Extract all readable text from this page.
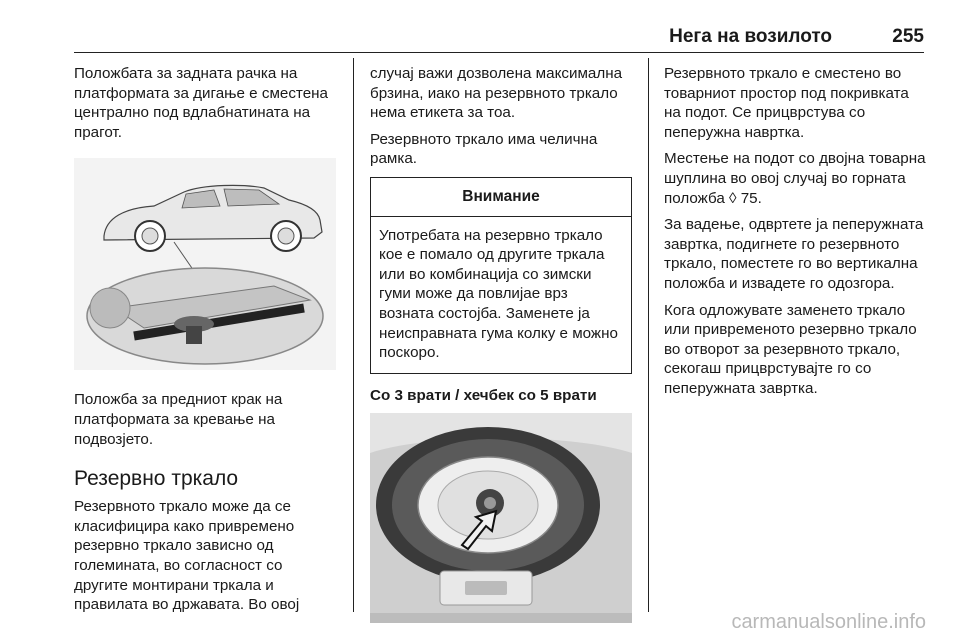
Нега на возилото	255

Положбата за задната рачка на платформата за дигање е сместена централно под вдлабнатината на прагот.

Положба за предниот крак на платформата за кревање на подвозјето.

Резервно тркало

Резервното тркало може да се класифицира како привремено резервно тркало зависно од големината, во согласност со другите монтирани тркала и правилата во државата. Во овој

случај важи дозволена максимална брзина, иако на резервното тркало нема етикета за тоа.

Резервното тркало има челична рамка.

Внимание
Употребата на резервно тркало кое е помало од другите тркала или во комбинација со зимски гуми може да повлијае врз возната состојба. Заменете ја неисправната гума колку е можно поскоро.

Со 3 врати / хечбек со 5 врати

Резервното тркало е сместено во товарниот простор под покривката на подот. Се прицврстува со пеперужна навртка.

Местење на подот со двојна товарна шуплина во овој случај во горната положба ◊ 75.

За вадење, одвртете ја пеперужната завртка, подигнете го резервното тркало, поместете го во вертикална положба и извадете го одозгора.

Кога одложувате заменето тркало или привременото резервно тркало во отворот за резервното тркало, секогаш прицврстувајте го со пеперужната завртка.

carmanualsonline.info
